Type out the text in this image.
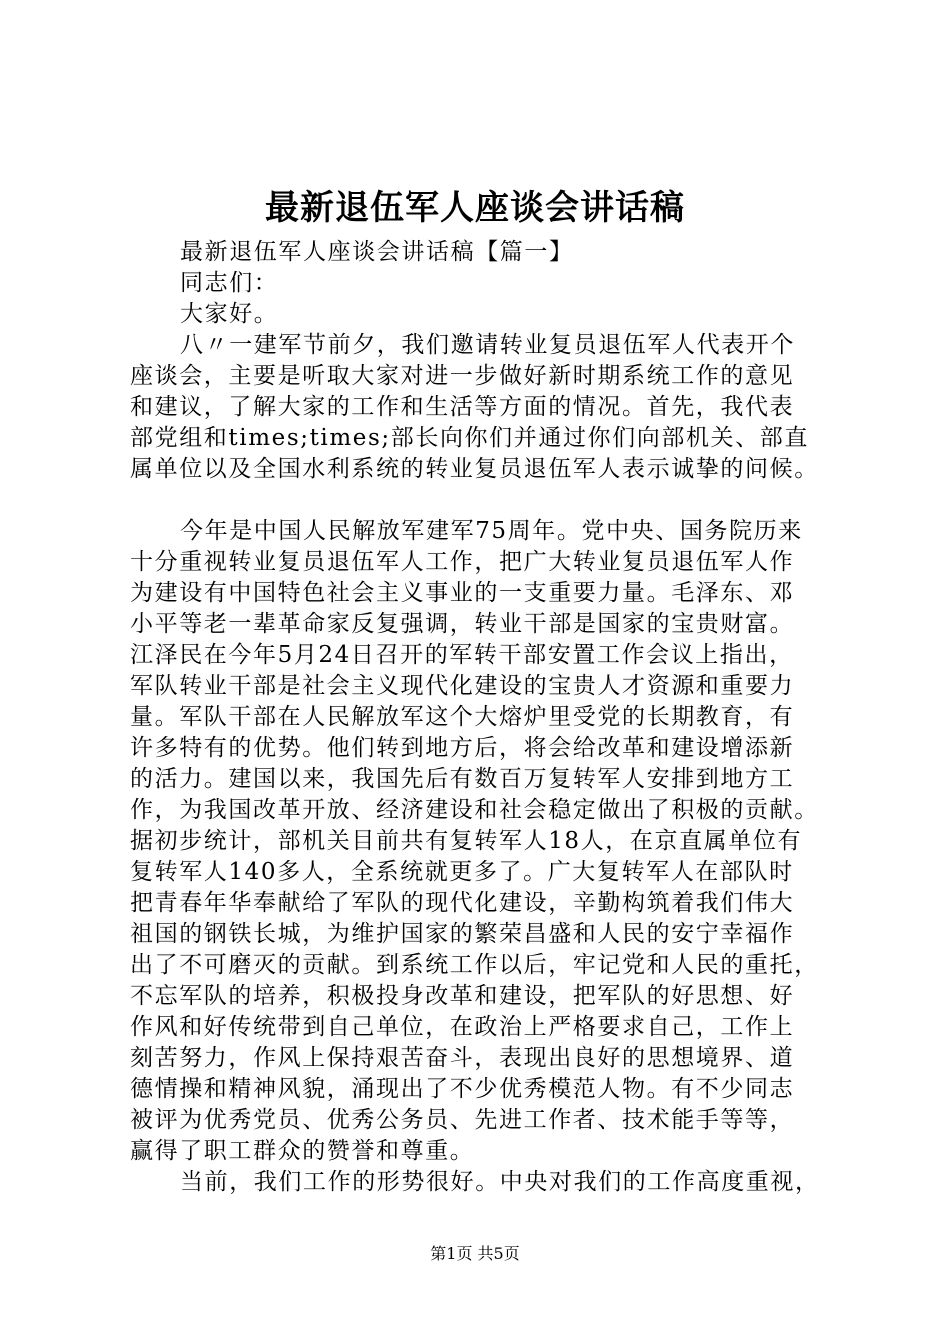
最新退伍军人座谈会讲话稿
最新退伍军人座谈会讲话稿【篇一】
同志们：
大家好。
八〃一建军节前夕，我们邀请转业复员退伍军人代表开个
座谈会，主要是听取大家对进一步做好新时期系统工作的意见
和建议，了解大家的工作和生活等方面的情况。首先，我代表
部党组和times;times;部长向你们并通过你们向部机关、部直
属单位以及全国水利系统的转业复员退伍军人表示诚挚的问候。
今年是中国人民解放军建军75周年。党中央、国务院历来
十分重视转业复员退伍军人工作，把广大转业复员退伍军人作
为建设有中国特色社会主义事业的一支重要力量。毛泽东、邓
小平等老一辈革命家反复强调，转业干部是国家的宝贵财富。
江泽民在今年5月24日召开的军转干部安置工作会议上指出，
军队转业干部是社会主义现代化建设的宝贵人才资源和重要力
量。军队干部在人民解放军这个大熔炉里受党的长期教育，有
许多特有的优势。他们转到地方后，将会给改革和建设增添新
的活力。建国以来，我国先后有数百万复转军人安排到地方工
作，为我国改革开放、经济建设和社会稳定做出了积极的贡献。
据初步统计，部机关目前共有复转军人18人，在京直属单位有
复转军人140多人，全系统就更多了。广大复转军人在部队时
把青春年华奉献给了军队的现代化建设，辛勤构筑着我们伟大
祖国的钢铁长城，为维护国家的繁荣昌盛和人民的安宁幸福作
出了不可磨灭的贡献。到系统工作以后，牢记党和人民的重托，
不忘军队的培养，积极投身改革和建设，把军队的好思想、好
作风和好传统带到自己单位，在政治上严格要求自己，工作上
刻苦努力，作风上保持艰苦奋斗，表现出良好的思想境界、道
德情操和精神风貌，涌现出了不少优秀模范人物。有不少同志
被评为优秀党员、优秀公务员、先进工作者、技术能手等等，
赢得了职工群众的赞誉和尊重。
当前，我们工作的形势很好。中央对我们的工作高度重视，
第1页 共5页
